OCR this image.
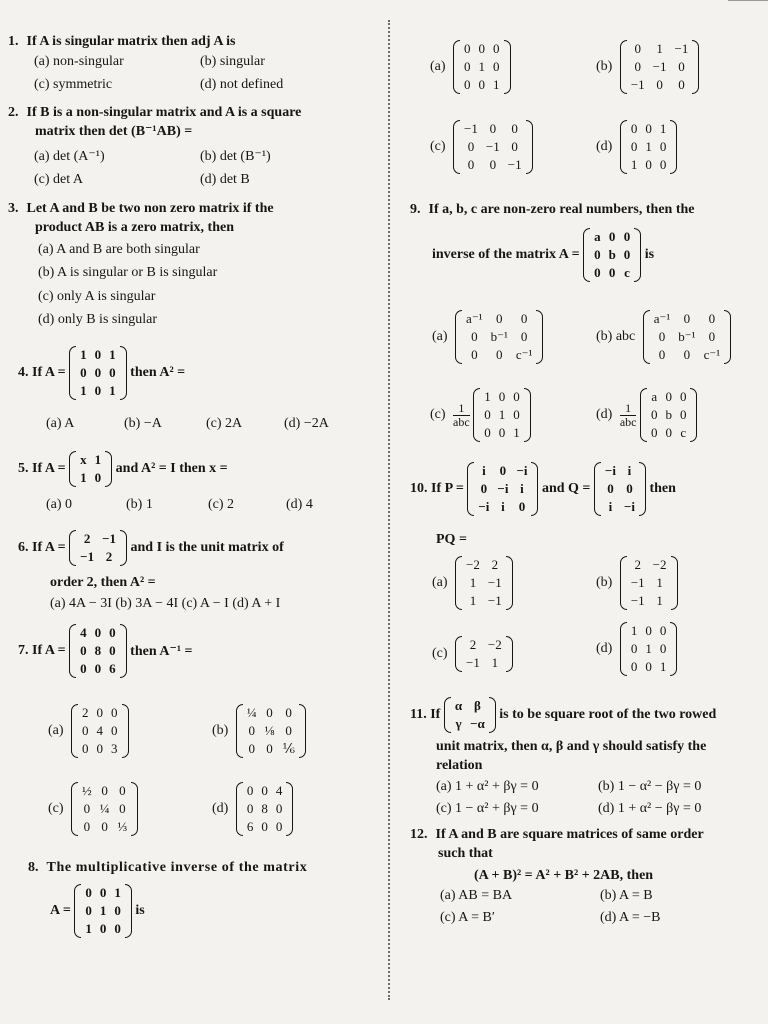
1. If A is singular matrix then adj A is
(a) non-singular	(b) singular
(c) symmetric	(d) not defined
2. If B is a non-singular matrix and A is a square
matrix then det (B⁻¹AB) =
(a) det (A⁻¹)	(b) det (B⁻¹)
(c) det A	(d) det B
3. Let A and B be two non zero matrix if the
product AB is a zero matrix, then
(a) A and B are both singular
(b) A is singular or B is singular
(c) only A is singular
(d) only B is singular
4. If A =
1	0	1
0	0	0
1	0	1
then A² =
(a) A	(b) −A	(c) 2A	(d) −2A
5. If A =
x	1
1	0
and A² = I then x =
(a) 0	(b) 1	(c) 2	(d) 4
6. If A =
2	−1
−1	2
and I is the unit matrix of
order 2, then A² =
(a) 4A − 3I (b) 3A − 4I (c) A − I (d) A + I
7. If A =
4	0	0
0	8	0
0	0	6
then A⁻¹ =
(a)
2	0	0
0	4	0
0	0	3
(b)
¼	0	0
0	⅛	0
0	0	⅙
(c)
½	0	0
0	¼	0
0	0	⅓
(d)
0	0	4
0	8	0
6	0	0
8. The multiplicative inverse of the matrix
A =
0	0	1
0	1	0
1	0	0
is
(a)
0	0	0
0	1	0
0	0	1
(b)
0	1	−1
0	−1	0
−1	0	0
(c)
−1	0	0
0	−1	0
0	0	−1
(d)
0	0	1
0	1	0
1	0	0
9. If a, b, c are non-zero real numbers, then the
inverse of the matrix A =
a	0	0
0	b	0
0	0	c
is
(a)
a⁻¹	0	0
0	b⁻¹	0
0	0	c⁻¹
(b) abc
a⁻¹	0	0
0	b⁻¹	0
0	0	c⁻¹
$(c) \frac{1}{\text{abc}}$

1	0	0
0	1	0
0	0	1
$(d) \frac{1}{\text{abc}}$

a	0	0
0	b	0
0	0	c
10. If P =
i	0	−i
0	−i	i
−i	i	0
and Q =
−i	i
0	0
i	−i
then
PQ =
(a)
−2	2
1	−1
1	−1
(b)
2	−2
−1	1
−1	1
(c)
2	−2
−1	1
(d)
1	0	0
0	1	0
0	0	1
11. If
α	β
γ	−α
is to be square root of the two rowed
unit matrix, then α, β and γ should satisfy the
relation
(a) 1 + α² + βγ = 0	(b) 1 − α² − βγ = 0
(c) 1 − α² + βγ = 0	(d) 1 + α² − βγ = 0
12. If A and B are square matrices of same order
such that
(A + B)² = A² + B² + 2AB, then
(a) AB = BA	(b) A = B
(c) A = B′	(d) A = −B
